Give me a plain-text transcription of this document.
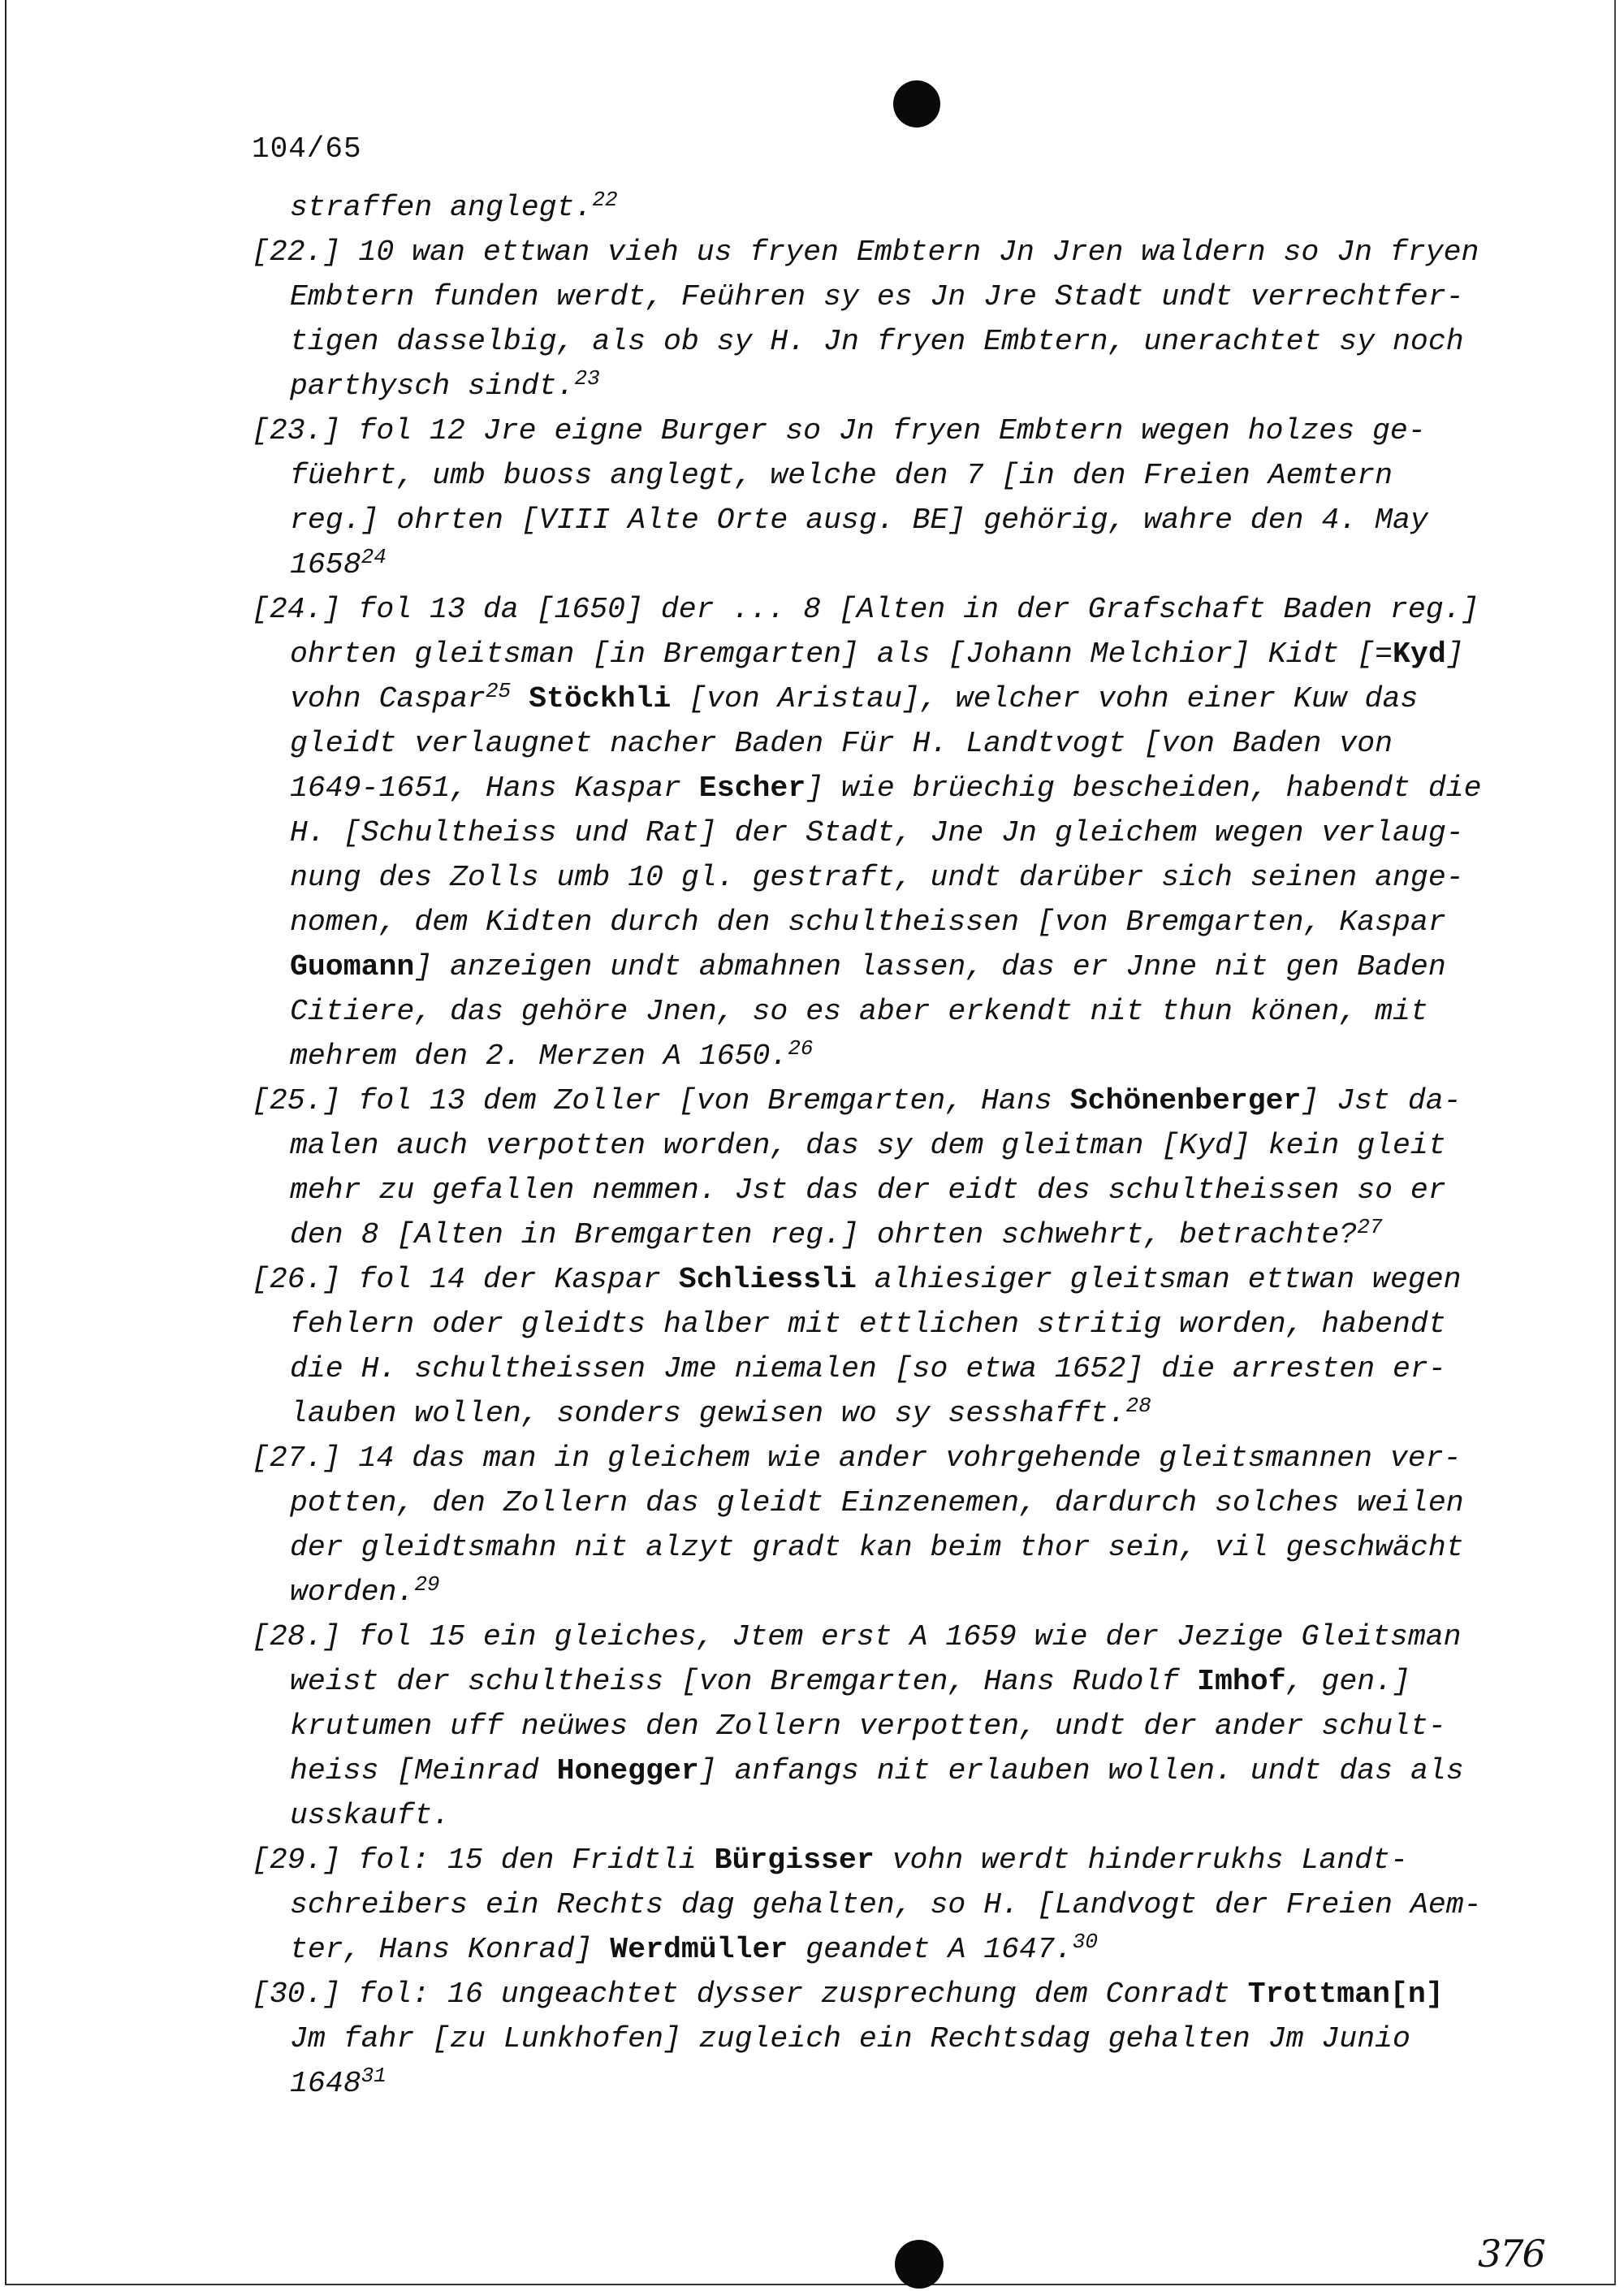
104/65
straffen anglegt.$^{22}$
[22.] 10 wan ettwan vieh us fryen Embtern Jn Jren waldern so Jn fryen
Embtern funden werdt, Feühren sy es Jn Jre Stadt undt verrechtfer-
tigen dasselbig, als ob sy H. Jn fryen Embtern, unerachtet sy noch
parthysch sindt.$^{23}$
[23.] fol 12 Jre eigne Burger so Jn fryen Embtern wegen holzes ge-
füehrt, umb buoss anglegt, welche den 7 [in den Freien Aemtern
reg.] ohrten [VIII Alte Orte ausg. BE] gehörig, wahre den 4. May
1658$^{24}$
[24.] fol 13 da [1650] der ... 8 [Alten in der Grafschaft Baden reg.]
ohrten gleitsman [in Bremgarten] als [Johann Melchior] Kidt [=Kyd]
vohn Caspar$^{25}$ Stöckhli [von Aristau], welcher vohn einer Kuw das
gleidt verlaugnet nacher Baden Für H. Landtvogt [von Baden von
1649-1651, Hans Kaspar Escher] wie brüechig bescheiden, habendt die
H. [Schultheiss und Rat] der Stadt, Jne Jn gleichem wegen verlaug-
nung des Zolls umb 10 gl. gestraft, undt darüber sich seinen ange-
nomen, dem Kidten durch den schultheissen [von Bremgarten, Kaspar
Guomann] anzeigen undt abmahnen lassen, das er Jnne nit gen Baden
Citiere, das gehöre Jnen, so es aber erkendt nit thun könen, mit
mehrem den 2. Merzen A 1650.26
[25.] fol 13 dem Zoller [von Bremgarten, Hans Schönenberger] Jst da-
malen auch verpotten worden, das sy dem gleitman [Kyd] kein gleit
mehr zu gefallen nemmen. Jst das der eidt des schultheissen so er
den 8 [Alten in Bremgarten reg.] ohrten schwehrt, betrachte?$^{27}$
[26.] fol 14 der Kaspar Schliessli alhiesiger gleitsman ettwan wegen
fehlern oder gleidts halber mit ettlichen stritig worden, habendt
die H. schultheissen Jme niemalen [so etwa 1652] die arresten er-
lauben wollen, sonders gewisen wo sy sesshafft.$^{28}$
[27.] 14 das man in gleichem wie ander vohrgehende gleitsmannen ver-
potten, den Zollern das gleidt Einzenemen, dardurch solches weilen
der gleidtsmahn nit alzyt gradt kan beim thor sein, vil geschwächt
worden.$^{29}$
[28.] fol 15 ein gleiches, Jtem erst A 1659 wie der Jezige Gleitsman
weist der schultheiss [von Bremgarten, Hans Rudolf Imhof, gen.]
krutumen uff neüwes den Zollern verpotten, undt der ander schult-
heiss [Meinrad Honegger] anfangs nit erlauben wollen. undt das als
usskauft.
[29.] fol: 15 den Fridtli Bürgisser vohn werdt hinderrukhs Landt-
schreibers ein Rechts dag gehalten, so H. [Landvogt der Freien Aem-
ter, Hans Konrad] Werdmüller geandet A 1647.30
[30.] fol: 16 ungeachtet dysser zusprechung dem Conradt Trottman[n]
Jm fahr [zu Lunkhofen] zugleich ein Rechtsdag gehalten Jm Junio
1648$^{31}$
376
